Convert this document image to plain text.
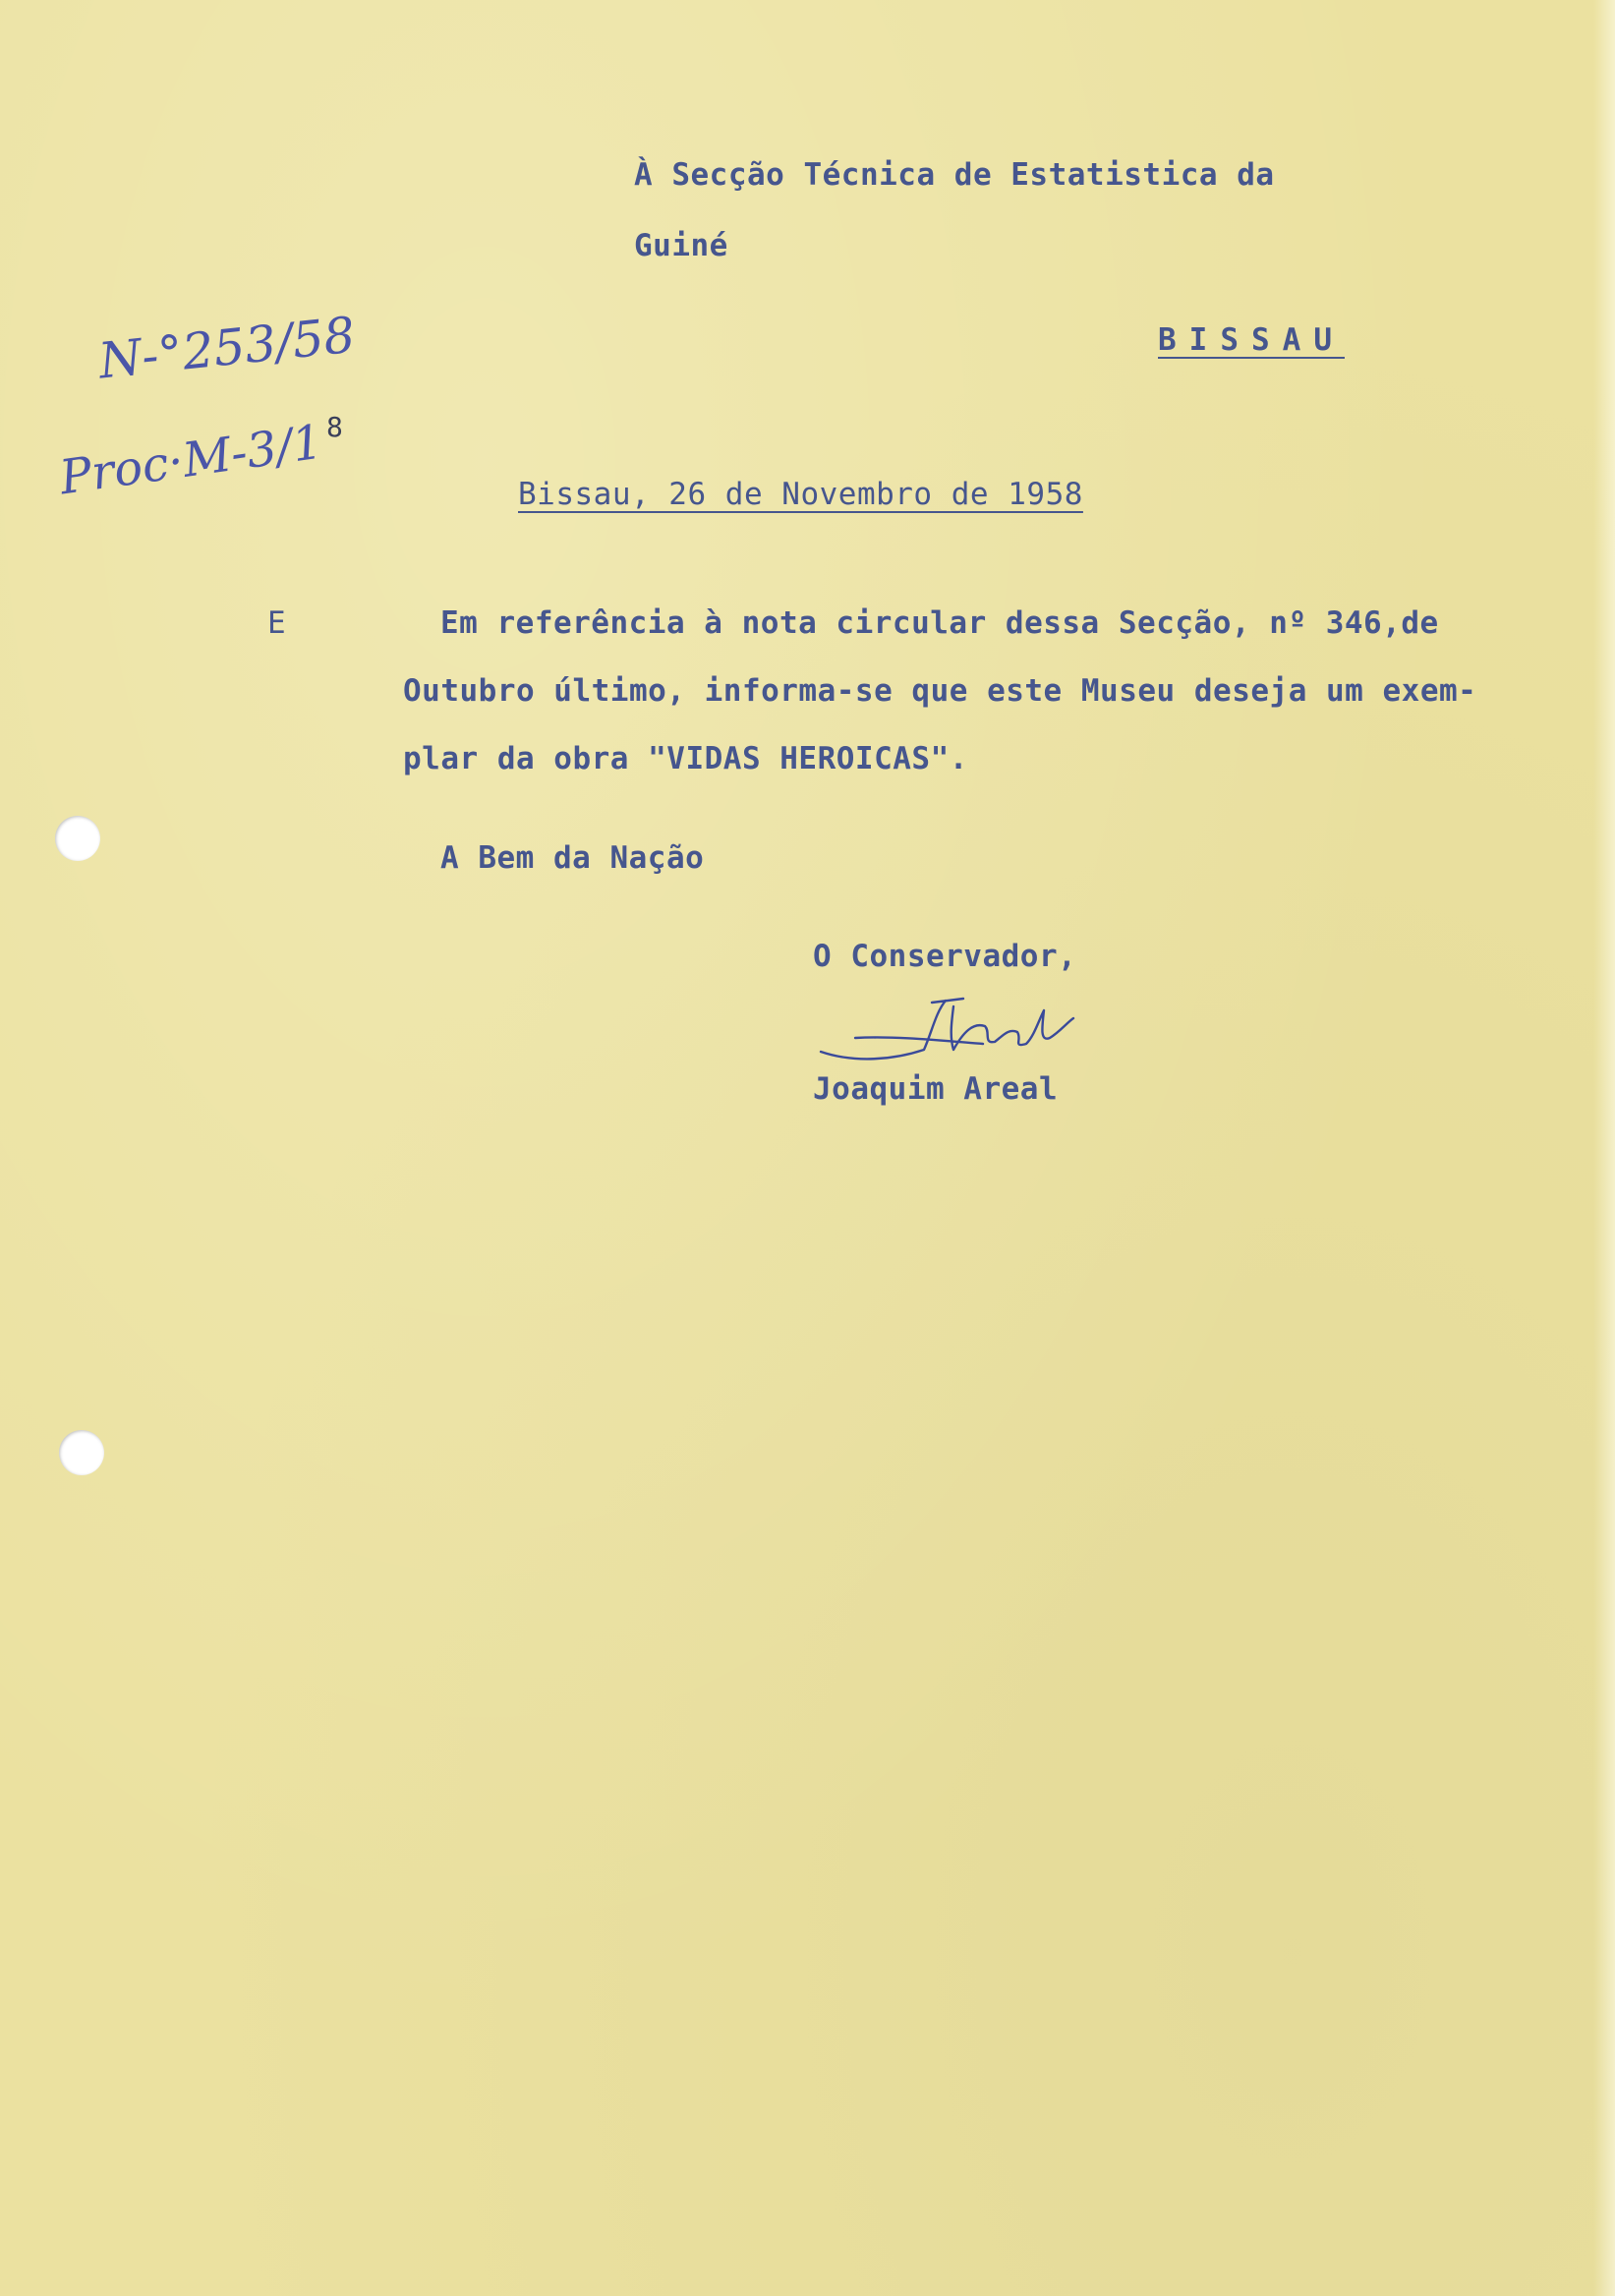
À Secção Técnica de Estatistica da
Guiné
BISSAU
N-°253/58
Proc·M-3/1 8
Bissau, 26 de Novembro de 1958
E	Em referência à nota circular dessa Secção, nº 346,de
Outubro último, informa-se que este Museu deseja um exem-
plar da obra "VIDAS HEROICAS".
A Bem da Nação
O Conservador,
Joaquim Areal
